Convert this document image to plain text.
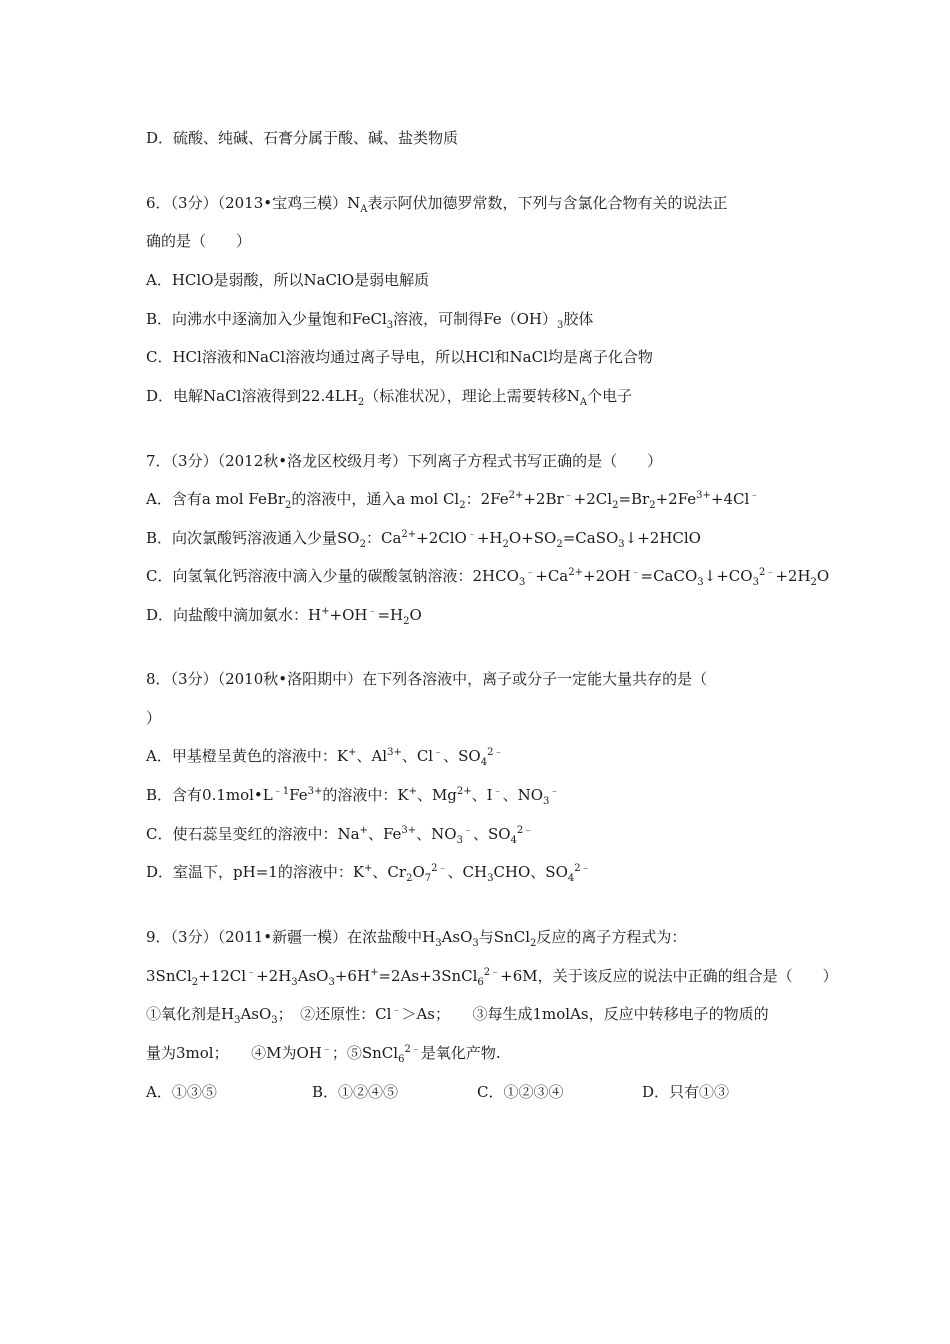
D．硫酸、纯碱、石膏分属于酸、碱、盐类物质
6．（3分）（2013•宝鸡三模）$N_A$表示阿伏加德罗常数，下列与含氯化合物有关的说法正
确的是（　　）
A．HClO是弱酸，所以NaClO是弱电解质
B．向沸水中逐滴加入少量饱和FeCl$_3$溶液，可制得$Fe(OH)_3$胶体
C．HCl溶液和NaCl溶液均通过离子导电，所以HCl和NaCl均是离子化合物
D．电解NaCl溶液得到$22.4LH_2$（标准状况），理论上需要转移$N_A$个电子
7．（3分）（2012秋•洛龙区校级月考）下列离子方程式书写正确的是（　　）
A．含有a mol FeBr$_2$的溶液中，通入a mol $Cl_2$：$2Fe^{2+}+2Br^﹣+2Cl_2=Br_2+2Fe^{3+}+4Cl^﹣$
B．向次氯酸钙溶液通入少量$SO_2$：$Ca^{2+}+2ClO^﹣+H_2O+SO_2=CaSO_3↓+2HClO$
C．向氢氧化钙溶液中滴入少量的碳酸氢钠溶液：$2HCO_3^﹣+Ca^{2+}+2OH^﹣=CaCO_3↓+CO_3^{2﹣}+2H_2O$
D．向盐酸中滴加氨水：$H^++OH^﹣=H_2O$
8．（3分）（2010秋•洛阳期中）在下列各溶液中，离子或分子一定能大量共存的是（
）
A．甲基橙呈黄色的溶液中：K+、$Al^{3+}$、Cl﹣、$SO_4^{2﹣}$
B．含有$0.1mol•L^{﹣1}Fe^{3+}$的溶液中：K+、$Mg^{2+}$、I﹣、$NO_3^﹣$
C．使石蕊呈变红的溶液中：Na+、$Fe^{3+}$、$NO_3^﹣$、$SO_4^{2﹣}$
D．室温下，pH=1的溶液中：K+、$Cr_2O_7^{2﹣}$、$CH_3CHO$、$SO_4^{2﹣}$
9．（3分）（2011•新疆一模）在浓盐酸中$H_3AsO_3$与SnCl$_2$反应的离子方程式为：
$3SnCl_2+12Cl^﹣+2H_3AsO_3+6H^+=2As+3SnCl_6^{2﹣}+6M$，关于该反应的说法中正确的组合是（　　）
①氧化剂是$H_3AsO_3$；　②还原性：Cl﹣＞As；　　③每生成1molAs，反应中转移电子的物质的
量为3mol；　　④M为OH﹣；⑤SnCl$_6^{2﹣}$是氧化产物.
A．①③⑤	B．①②④⑤	C．①②③④	D．只有①③
